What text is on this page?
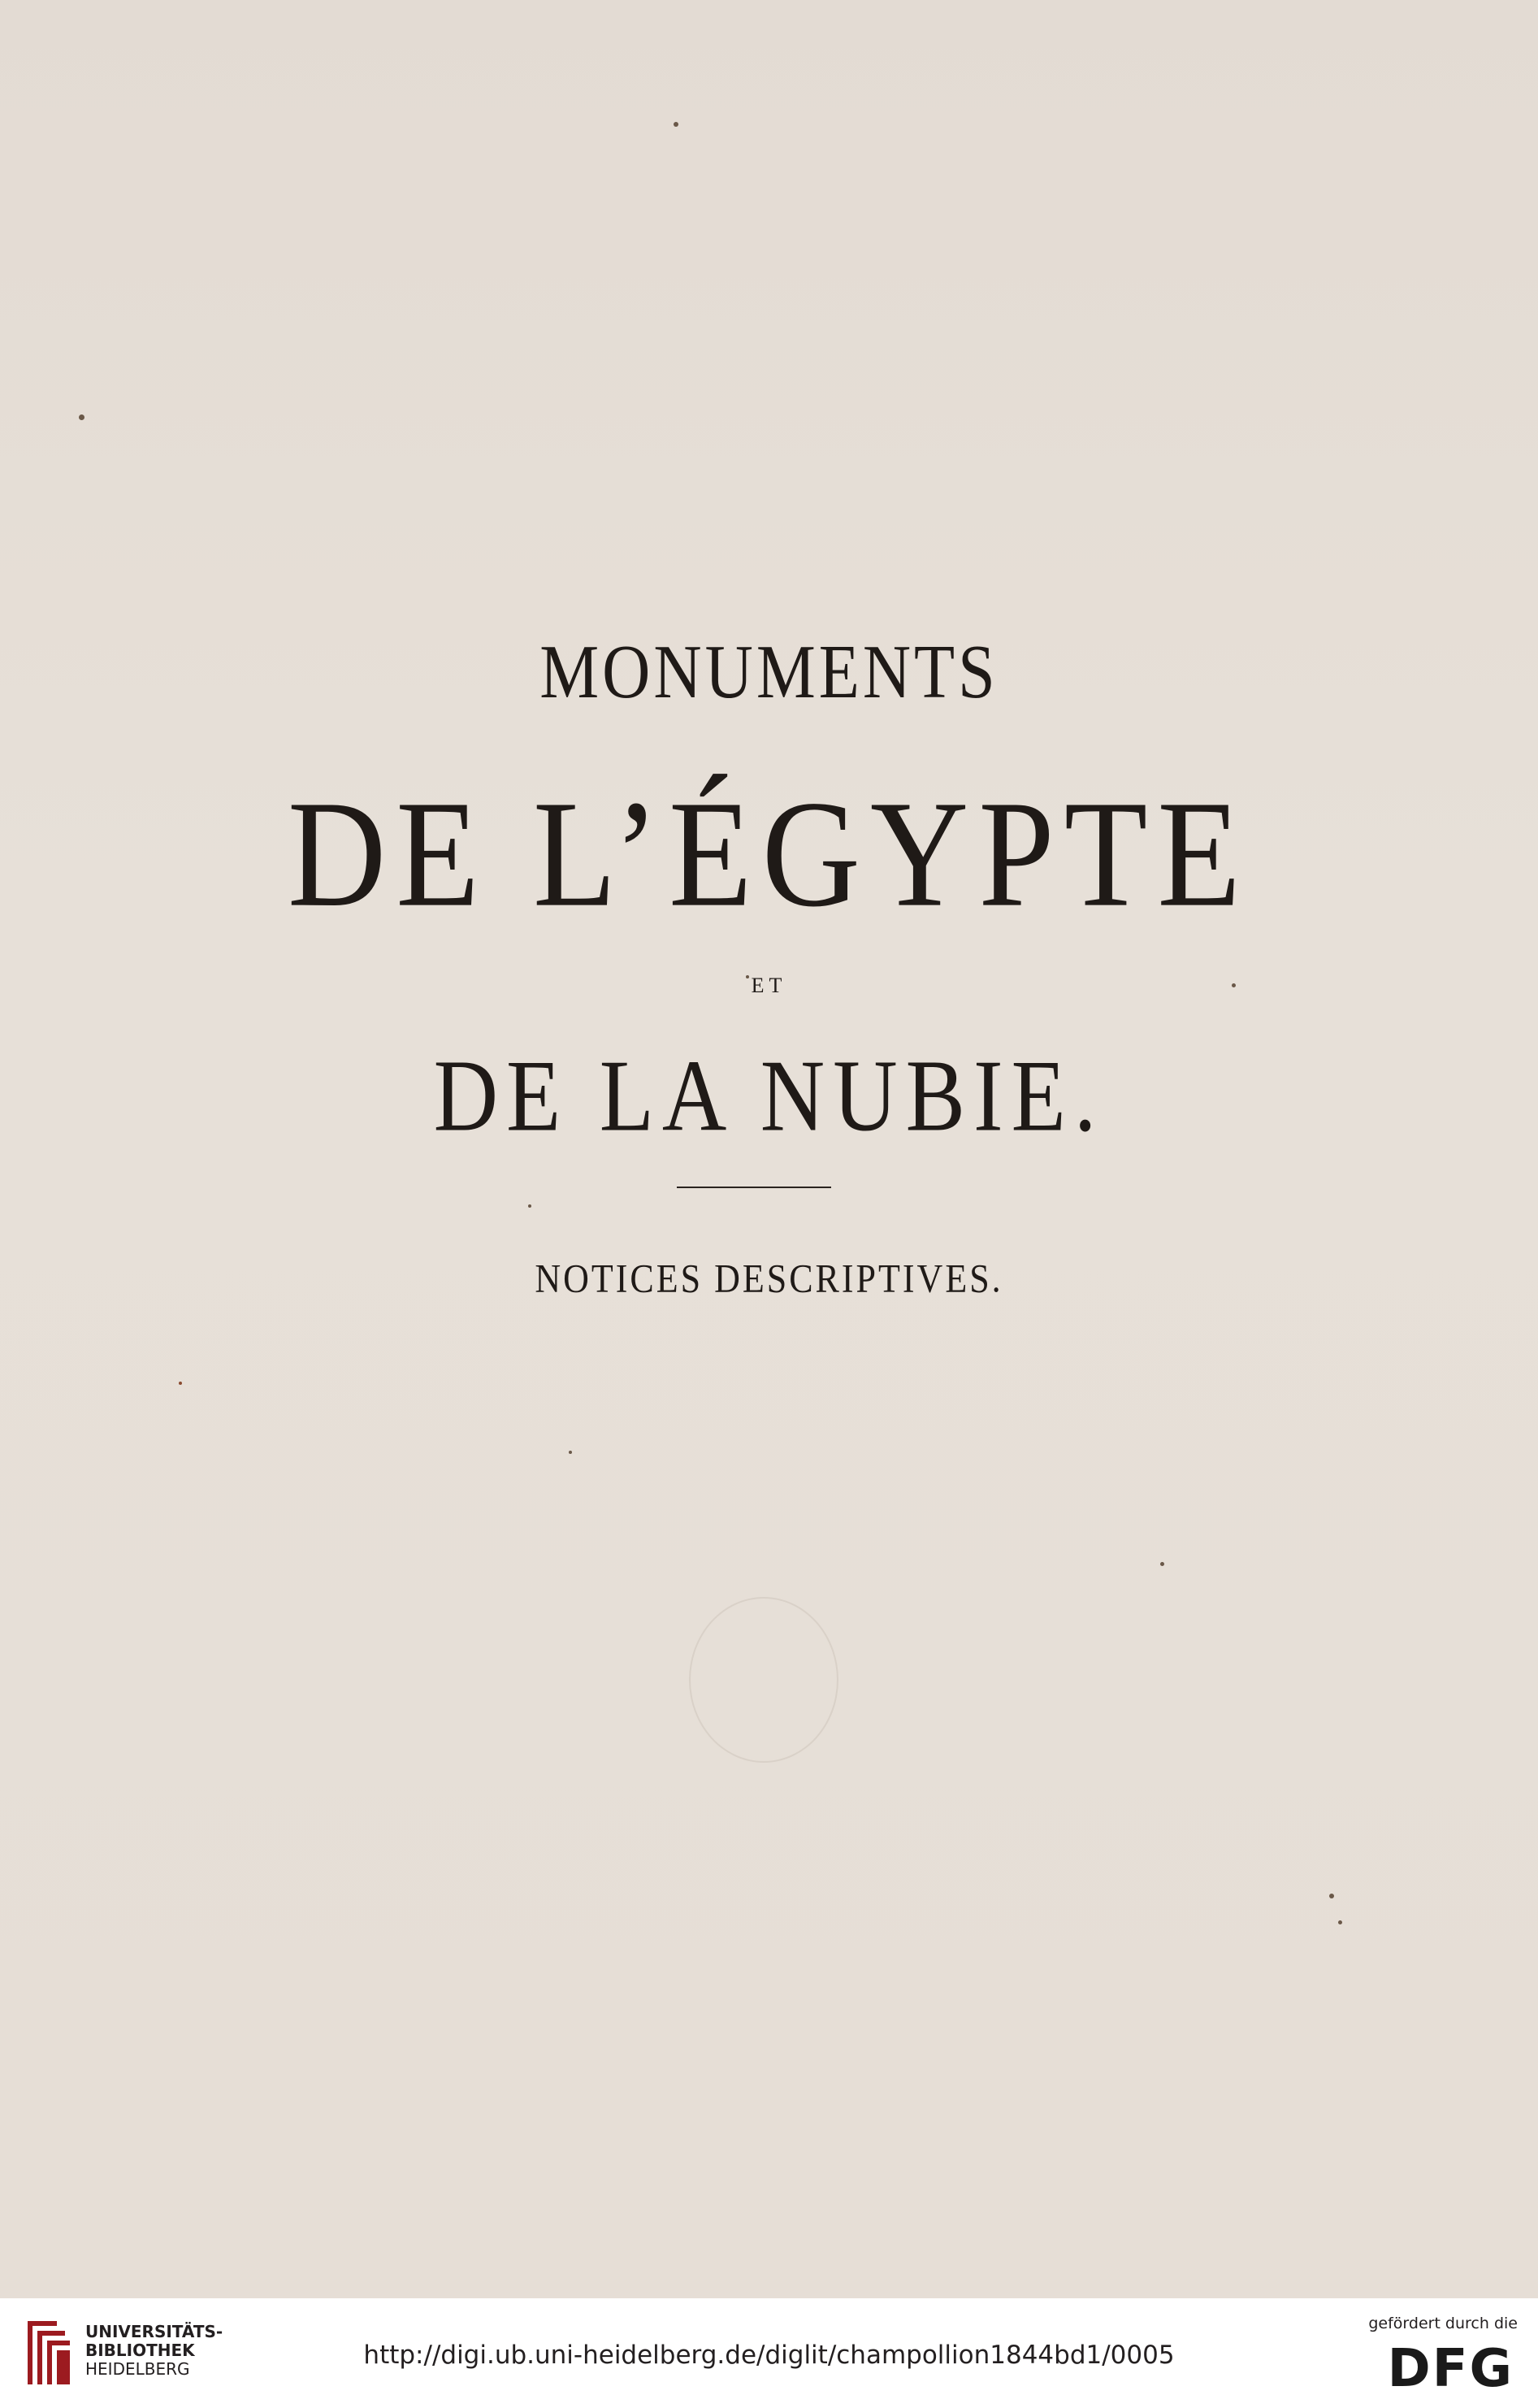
MONUMENTS
DE L’ÉGYPTE
ET
DE LA NUBIE.
NOTICES DESCRIPTIVES.
UNIVERSITÄTS-
BIBLIOTHEK
HEIDELBERG	http://digi.ub.uni-heidelberg.de/diglit/champollion1844bd1/0005
gefördert durch die
DFG
